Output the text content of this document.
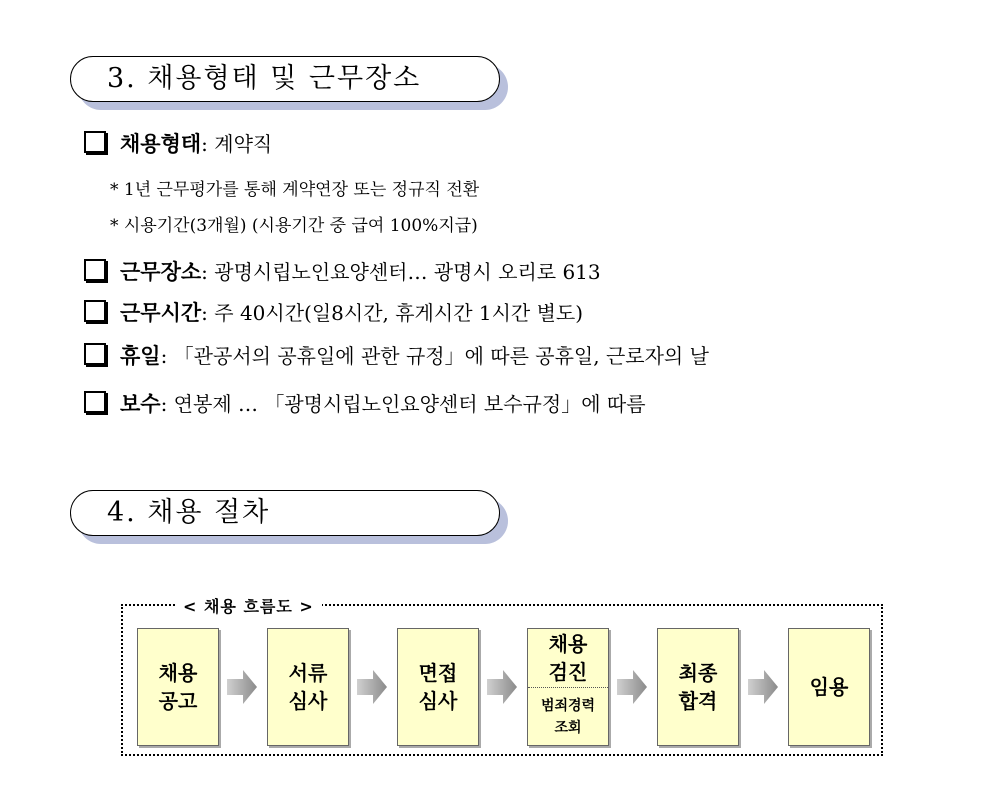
3. 채용형태 및 근무장소
채용형태: 계약직
* 1년 근무평가를 통해 계약연장 또는 정규직 전환
* 시용기간(3개월) (시용기간 중 급여 100%지급)
근무장소: 광명시립노인요양센터… 광명시 오리로 613
근무시간: 주 40시간(일8시간, 휴게시간 1시간 별도)
휴일: 「관공서의 공휴일에 관한 규정」에 따른 공휴일, 근로자의 날
보수: 연봉제 … 「광명시립노인요양센터 보수규정」에 따름
4. 채용 절차
< 채용 흐름도 >
채용
공고
서류
심사
면접
심사
채용
검진
범죄경력
조회
최종
합격
임용
